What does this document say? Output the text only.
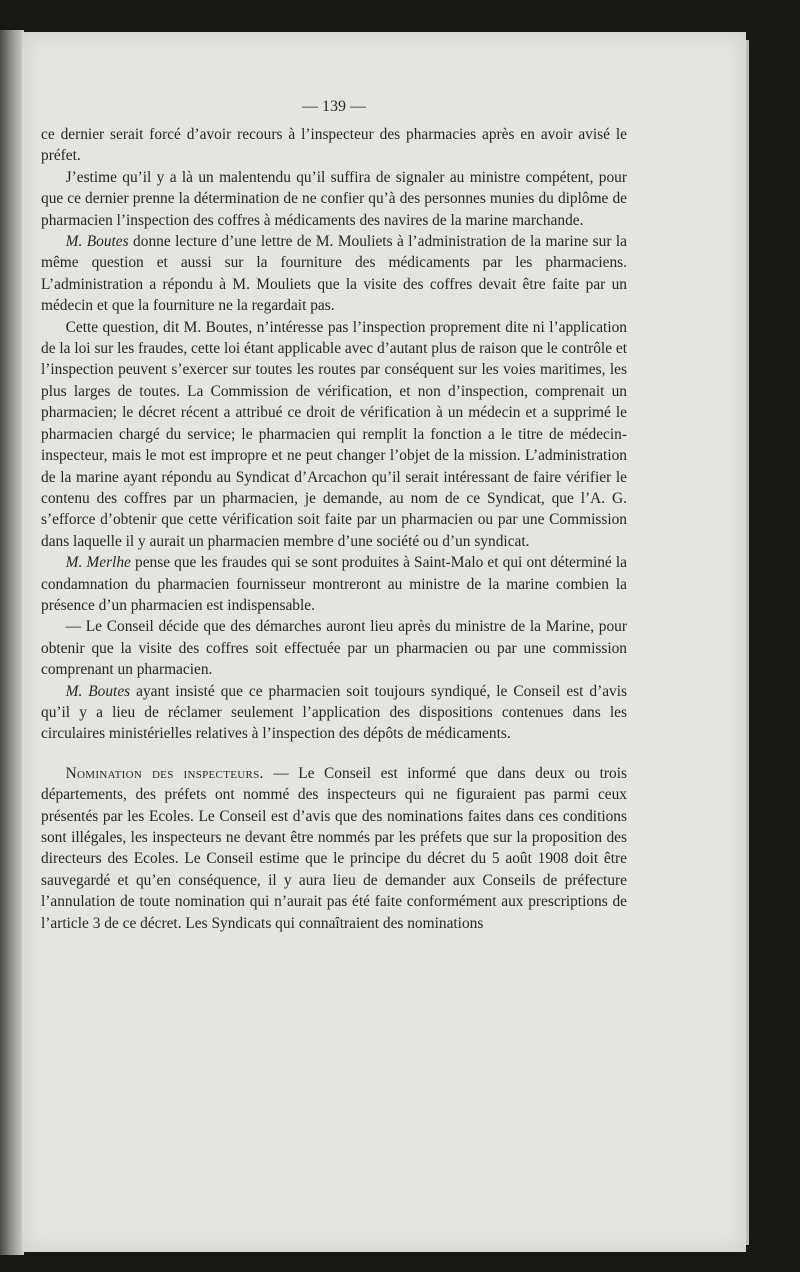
— 139 —

ce dernier serait forcé d’avoir recours à l’inspecteur des pharmacies après en avoir avisé le préfet.

J’estime qu’il y a là un malentendu qu’il suffira de signaler au ministre compétent, pour que ce dernier prenne la détermination de ne confier qu’à des personnes munies du diplôme de pharmacien l’inspection des coffres à médicaments des navires de la marine marchande.

M. Boutes donne lecture d’une lettre de M. Mouliets à l’administration de la marine sur la même question et aussi sur la fourniture des médicaments par les pharmaciens. L’administration a répondu à M. Mouliets que la visite des coffres devait être faite par un médecin et que la fourniture ne la regardait pas.

Cette question, dit M. Boutes, n’intéresse pas l’inspection proprement dite ni l’application de la loi sur les fraudes, cette loi étant applicable avec d’autant plus de raison que le contrôle et l’inspection peuvent s’exercer sur toutes les routes par conséquent sur les voies maritimes, les plus larges de toutes. La Commission de vérification, et non d’inspection, comprenait un pharmacien; le décret récent a attribué ce droit de vérification à un médecin et a supprimé le pharmacien chargé du service; le pharmacien qui remplit la fonction a le titre de médecin-inspecteur, mais le mot est impropre et ne peut changer l’objet de la mission. L’administration de la marine ayant répondu au Syndicat d’Arcachon qu’il serait intéressant de faire vérifier le contenu des coffres par un pharmacien, je demande, au nom de ce Syndicat, que l’A. G. s’efforce d’obtenir que cette vérification soit faite par un pharmacien ou par une Commission dans laquelle il y aurait un pharmacien membre d’une société ou d’un syndicat.

M. Merlhe pense que les fraudes qui se sont produites à Saint-Malo et qui ont déterminé la condamnation du pharmacien fournisseur montreront au ministre de la marine combien la présence d’un pharmacien est indispensable.

— Le Conseil décide que des démarches auront lieu après du ministre de la Marine, pour obtenir que la visite des coffres soit effectuée par un pharmacien ou par une commission comprenant un pharmacien.

M. Boutes ayant insisté que ce pharmacien soit toujours syndiqué, le Conseil est d’avis qu’il y a lieu de réclamer seulement l’application des dispositions contenues dans les circulaires ministérielles relatives à l’inspection des dépôts de médicaments.

Nomination des inspecteurs. — Le Conseil est informé que dans deux ou trois départements, des préfets ont nommé des inspecteurs qui ne figuraient pas parmi ceux présentés par les Ecoles. Le Conseil est d’avis que des nominations faites dans ces conditions sont illégales, les inspecteurs ne devant être nommés par les préfets que sur la proposition des directeurs des Ecoles. Le Conseil estime que le principe du décret du 5 août 1908 doit être sauvegardé et qu’en conséquence, il y aura lieu de demander aux Conseils de préfecture l’annulation de toute nomination qui n’aurait pas été faite conformément aux prescriptions de l’article 3 de ce décret. Les Syndicats qui connaîtraient des nominations
